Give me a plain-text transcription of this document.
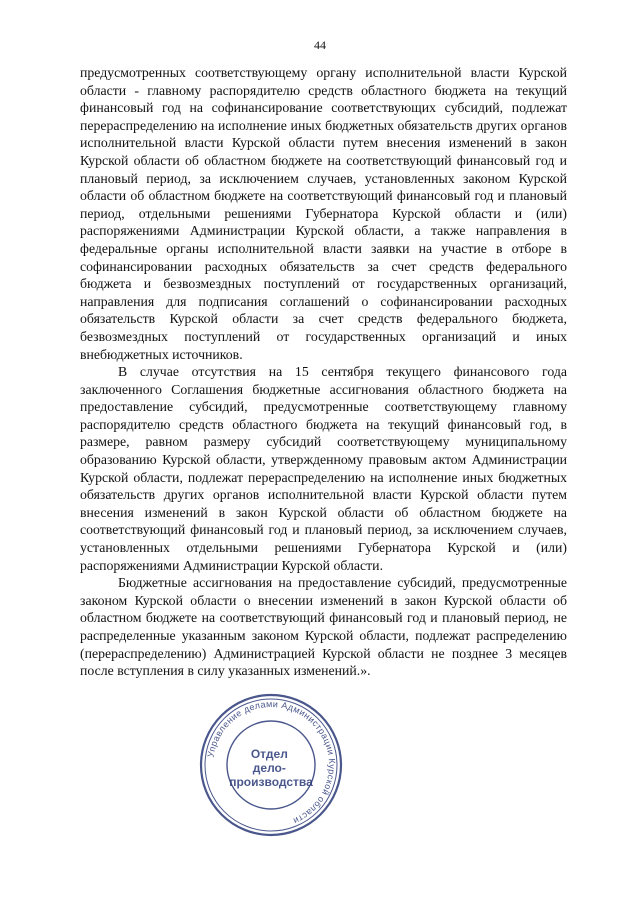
44

предусмотренных соответствующему органу исполнительной власти Курской области - главному распорядителю средств областного бюджета на текущий финансовый год на софинансирование соответствующих субсидий, подлежат перераспределению на исполнение иных бюджетных обязательств других органов исполнительной власти Курской области путем внесения изменений в закон Курской области об областном бюджете на соответствующий финансовый год и плановый период, за исключением случаев, установленных законом Курской области об областном бюджете на соответствующий финансовый год и плановый период, отдельными решениями Губернатора Курской области и (или) распоряжениями Администрации Курской области, а также направления в федеральные органы исполнительной власти заявки на участие в отборе в софинансировании расходных обязательств за счет средств федерального бюджета и безвозмездных поступлений от государственных организаций, направления для подписания соглашений о софинансировании расходных обязательств Курской области за счет средств федерального бюджета, безвозмездных поступлений от государственных организаций и иных внебюджетных источников.

В случае отсутствия на 15 сентября текущего финансового года заключенного Соглашения бюджетные ассигнования областного бюджета на предоставление субсидий, предусмотренные соответствующему главному распорядителю средств областного бюджета на текущий финансовый год, в размере, равном размеру субсидий соответствующему муниципальному образованию Курской области, утвержденному правовым актом Администрации Курской области, подлежат перераспределению на исполнение иных бюджетных обязательств других органов исполнительной власти Курской области путем внесения изменений в закон Курской области об областном бюджете на соответствующий финансовый год и плановый период, за исключением случаев, установленных отдельными решениями Губернатора Курской и (или) распоряжениями Администрации Курской области.

Бюджетные ассигнования на предоставление субсидий, предусмотренные законом Курской области о внесении изменений в закон Курской области об областном бюджете на соответствующий финансовый год и плановый период, не распределенные указанным законом Курской области, подлежат распределению (перераспределению) Администрацией Курской области не позднее 3 месяцев после вступления в силу указанных изменений.».

Управление делами Администрации Курской области
Отдел дело- производства
